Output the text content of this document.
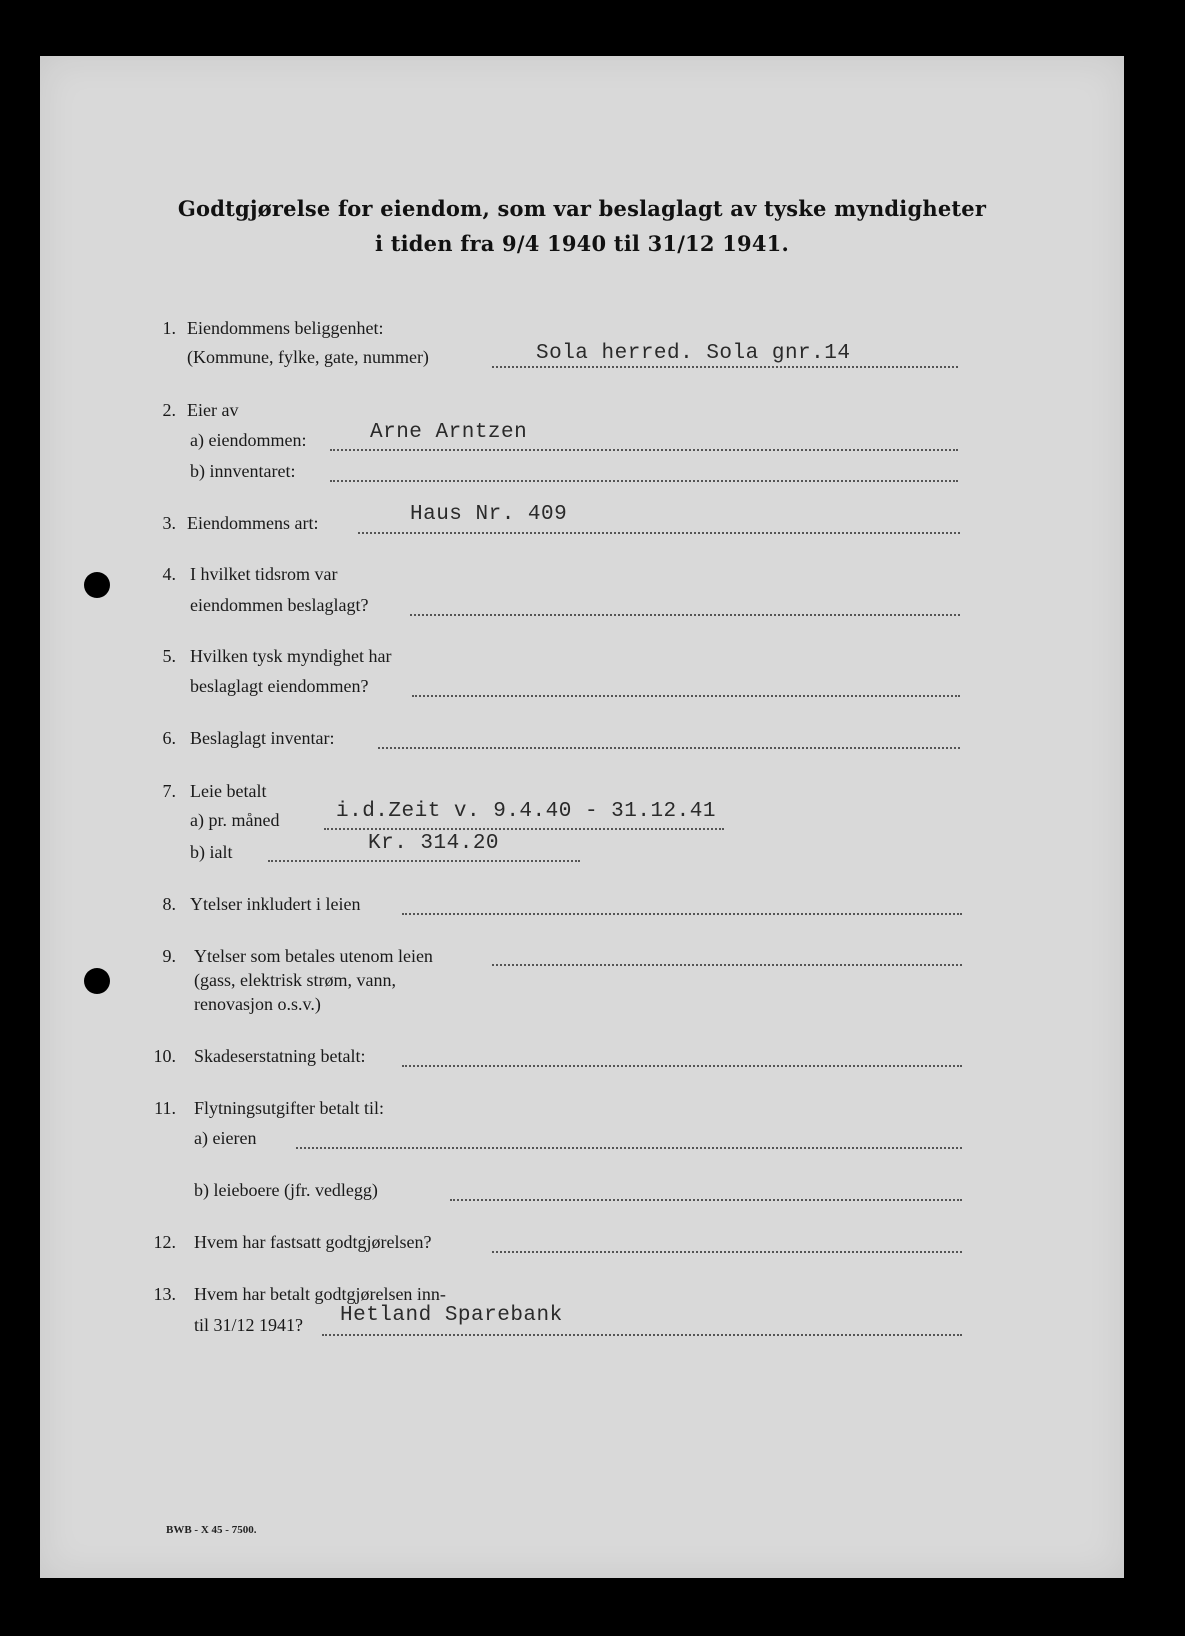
Godtgjørelse for eiendom, som var beslaglagt av tyske myndigheter
i tiden fra 9/4 1940 til 31/12 1941.
1. Eiendommens beliggenhet:
(Kommune, fylke, gate, nummer)	Sola herred. Sola gnr.14
2. Eier av
a) eiendommen:	Arne Arntzen
b) innventaret:
3. Eiendommens art:	Haus Nr. 409
4. I hvilket tidsrom var
eiendommen beslaglagt?
5. Hvilken tysk myndighet har
beslaglagt eiendommen?
6. Beslaglagt inventar:
7. Leie betalt
a) pr. måned	i.d.Zeit v. 9.4.40 - 31.12.41
b) ialt	Kr. 314.20
8. Ytelser inkludert i leien
9. Ytelser som betales utenom leien
(gass, elektrisk strøm, vann,
renovasjon o.s.v.)
10. Skadeserstatning betalt:
11. Flytningsutgifter betalt til:
a) eieren
b) leieboere (jfr. vedlegg)
12. Hvem har fastsatt godtgjørelsen?
13. Hvem har betalt godtgjørelsen inn-
til 31/12 1941? Hetland Sparebank
BWB - X 45 - 7500.
